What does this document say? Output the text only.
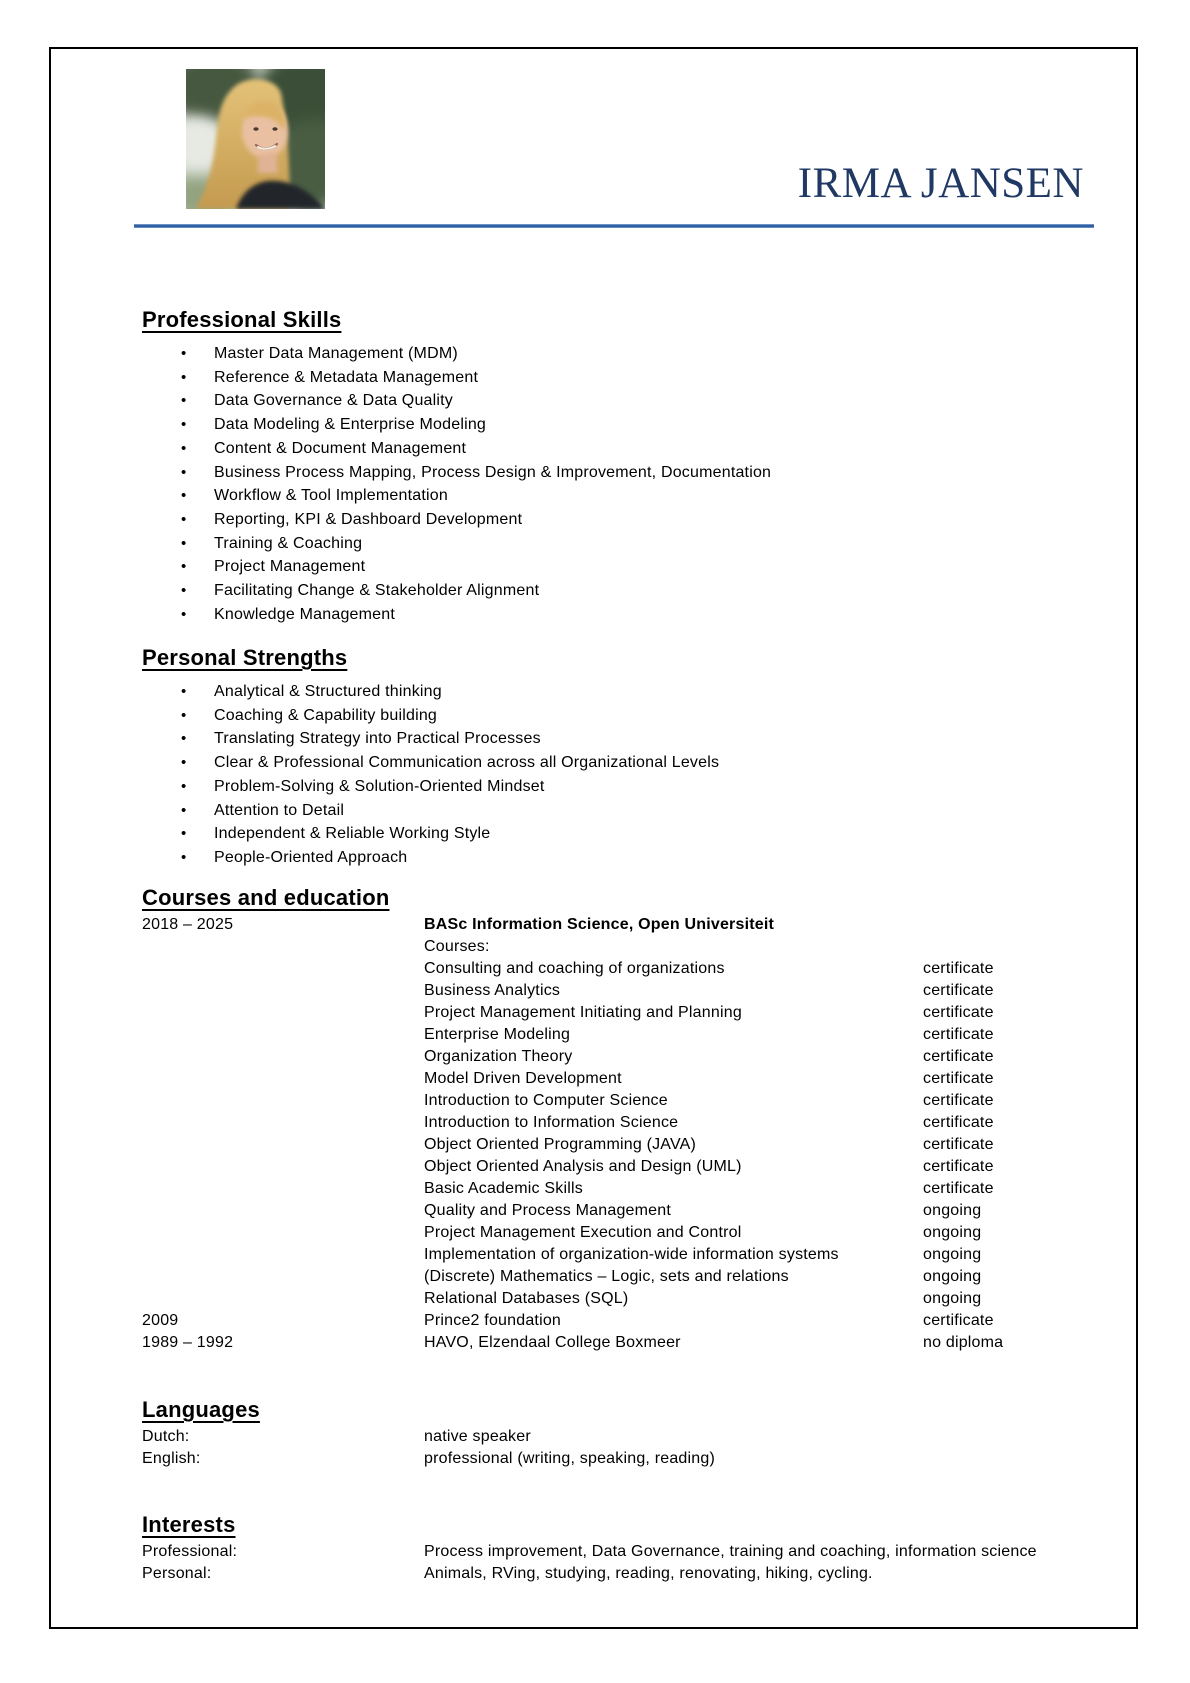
IRMA JANSEN
Professional Skills
• Master Data Management (MDM)
• Reference & Metadata Management
• Data Governance & Data Quality
• Data Modeling & Enterprise Modeling
• Content & Document Management
• Business Process Mapping, Process Design & Improvement, Documentation
• Workflow & Tool Implementation
• Reporting, KPI & Dashboard Development
• Training & Coaching
• Project Management
• Facilitating Change & Stakeholder Alignment
• Knowledge Management
Personal Strengths
• Analytical & Structured thinking
• Coaching & Capability building
• Translating Strategy into Practical Processes
• Clear & Professional Communication across all Organizational Levels
• Problem-Solving & Solution-Oriented Mindset
• Attention to Detail
• Independent & Reliable Working Style
• People-Oriented Approach
Courses and education
2018 – 2025	BASc Information Science, Open Universiteit
Courses:
Consulting and coaching of organizations	certificate
Business Analytics	certificate
Project Management Initiating and Planning	certificate
Enterprise Modeling	certificate
Organization Theory	certificate
Model Driven Development	certificate
Introduction to Computer Science	certificate
Introduction to Information Science	certificate
Object Oriented Programming (JAVA)	certificate
Object Oriented Analysis and Design (UML)	certificate
Basic Academic Skills	certificate
Quality and Process Management	ongoing
Project Management Execution and Control	ongoing
Implementation of organization-wide information systems	ongoing
(Discrete) Mathematics – Logic, sets and relations	ongoing
Relational Databases (SQL)	ongoing
2009	Prince2 foundation	certificate
1989 – 1992	HAVO, Elzendaal College Boxmeer	no diploma
Languages
Dutch:	native speaker
English:	professional (writing, speaking, reading)
Interests
Professional:	Process improvement, Data Governance, training and coaching, information science
Personal:	Animals, RVing, studying, reading, renovating, hiking, cycling.
